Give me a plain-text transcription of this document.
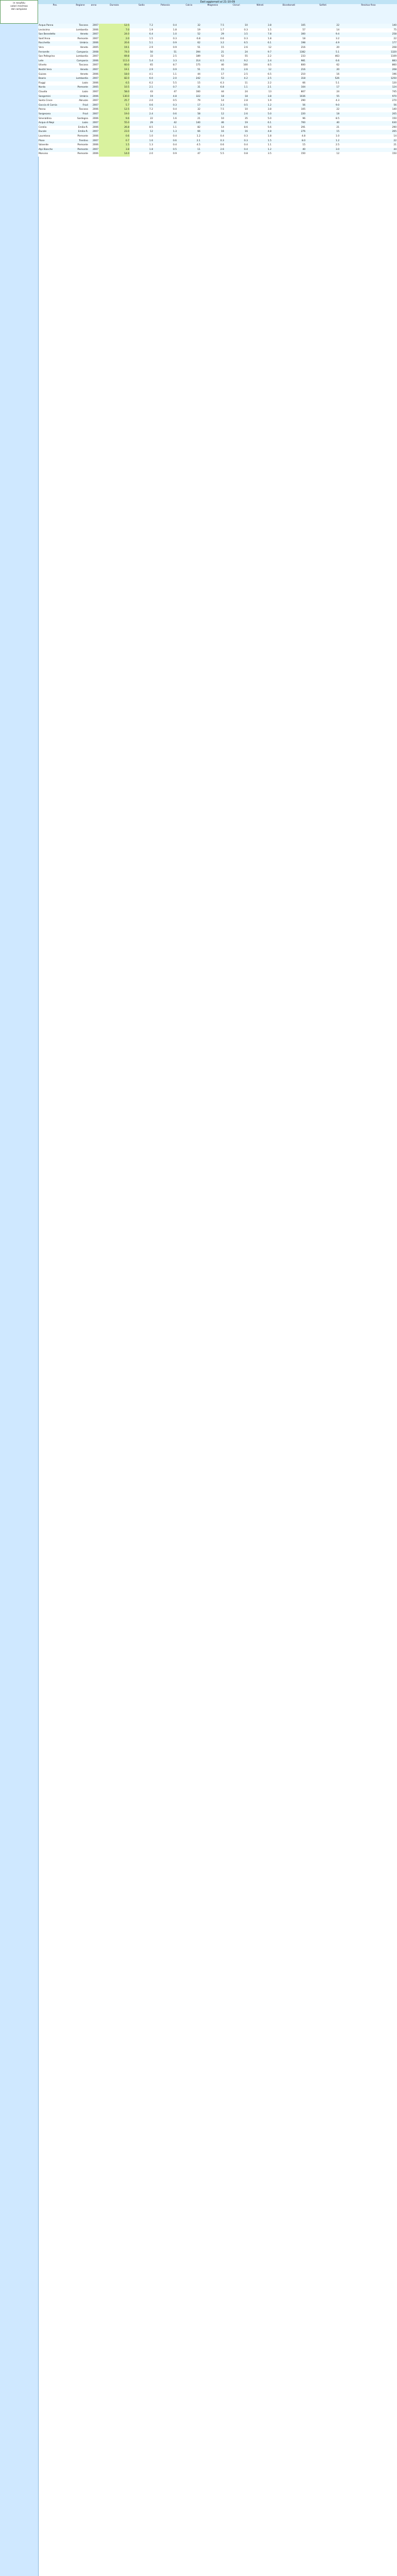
in rosa/blu
valori min/max
del campione
Dati aggiornati al 21-10-09
Pos.	Regione	anno	Durezza	Sodio	Potassio	Calcio	Magnesio	Cloruri	Nitrati	Bicarbonati	Solfati	Residuo fisso
Acqua Panna	Toscana	2007	12.5	7.2	0.4	32	7.5	10	3.8	105	22	140
Levissima	Lombardia	2006	7.0	1.9	1.8	19	1.7	0.3	1.5	57	14	75
San Benedetto	Veneto	2007	24.0	6.4	1.0	52	29	3.5	7.8	300	9.4	258
Sant'Anna	Piemonte	2007	2.0	1.5	0.3	6.8	0.6	0.3	1.8	18	3.2	22
Rocchetta	Umbria	2006	20.6	5.1	0.9	62	3.2	6.5	6.1	198	4.9	177
Vera	Veneto	2005	19.1	2.9	0.9	51	15	2.6	12	216	20	208
Ferrarelle	Campania	2008	74.0	50	51	394	21	24	9.7	1382	5.1	1320
San Pellegrino	Lombardia	2007	69.8	33	2.5	189	52	55	2.2	233	463	1109
Lete	Campania	2006	111.0	5.4	3.3	314	6.5	9.2	2.4	981	6.6	883
Uliveto	Toscana	2007	60.0	65	8.7	175	40	100	8.5	600	62	860
Nestlé Vera	Veneto	2007	19.1	2.9	0.9	51	15	2.6	12	216	20	208
Guizza	Veneto	2006	18.0	4.1	1.1	44	17	2.5	6.5	210	16	196
Boario	Lombardia	2007	82.0	6.0	2.0	242	53	4.2	2.5	318	526	1250
Fiuggi	Lazio	2006	6.5	6.2	5.5	15	6.3	11	2.2	66	5.1	120
Norda	Piemonte	2005	10.5	2.1	0.7	31	6.8	1.1	2.1	104	17	124
Claudia	Lazio	2007	58.0	43	47	160	44	24	13	807	24	745
Sangemini	Umbria	2006	130.0	19	4.8	322	18	18	3.8	1036	55	970
Santa Croce	Abruzzo	2007	25.7	2.0	0.5	79	14	2.8	1.9	290	4.3	270
Goccia di Carnia	Friuli	2007	5.7	0.6	0.3	17	3.3	0.5	1.2	56	9.0	56
Panna	Toscana	2006	12.5	7.2	0.4	32	7.5	10	3.8	105	22	140
Sorgesana	Friuli	2007	19.0	2.4	0.6	58	12	2.6	5.0	220	18	205
Smeraldina	Sardegna	2006	9.6	22	1.6	21	10	35	5.0	96	8.5	150
Acqua di Nepi	Lazio	2007	55.0	29	42	140	46	19	6.1	700	40	630
Cerelia	Emilia-R.	2006	26.8	8.5	1.1	82	14	8.6	5.6	291	21	290
Ducale	Emilia-R.	2007	23.0	12	1.3	66	16	16	4.8	276	15	265
Lauretana	Piemonte	2006	0.6	1.0	0.4	1.2	0.4	0.3	1.8	4.8	1.0	14
Plose	Trentino	2007	0.7	1.6	0.6	2.1	0.3	0.3	1.5	8.0	1.2	22
Valverde	Piemonte	2006	1.5	1.3	0.4	4.5	0.6	0.4	1.1	15	2.5	21
Alpi Bianche	Piemonte	2007	3.8	1.8	0.5	11	2.6	0.4	1.2	40	3.0	44
Monviso	Piemonte	2006	14.0	2.0	0.9	47	5.5	0.8	3.5	150	12	150
